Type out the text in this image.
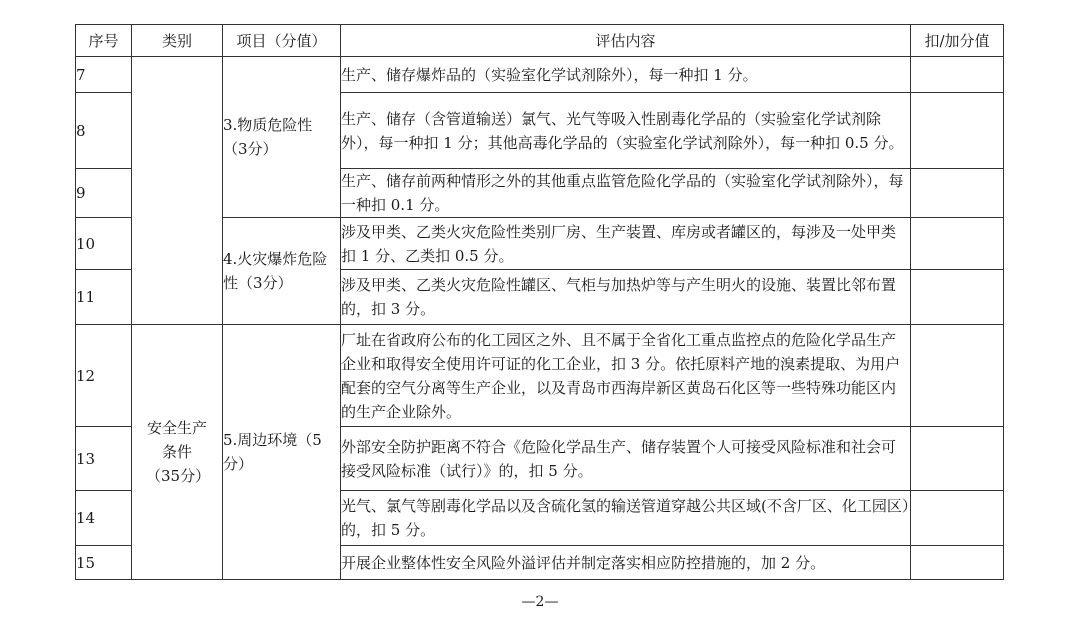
序号	类别	项目（分值）	评估内容	扣/加分值
7		3.物质危险性（3分）	生产、储存爆炸品的（实验室化学试剂除外），每一种扣 1 分。	
8			生产、储存（含管道输送）氯气、光气等吸入性剧毒化学品的（实验室化学试剂除外），每一种扣 1 分；其他高毒化学品的（实验室化学试剂除外），每一种扣 0.5 分。	
9			生产、储存前两种情形之外的其他重点监管危险化学品的（实验室化学试剂除外），每一种扣 0.1 分。	
10		4.火灾爆炸危险性（3分）	涉及甲类、乙类火灾危险性类别厂房、生产装置、库房或者罐区的，每涉及一处甲类扣 1 分、乙类扣 0.5 分。	
11			涉及甲类、乙类火灾危险性罐区、气柜与加热炉等与产生明火的设施、装置比邻布置的，扣 3 分。	
12	安全生产条件（35分）	5.周边环境（5分）	厂址在省政府公布的化工园区之外、且不属于全省化工重点监控点的危险化学品生产企业和取得安全使用许可证的化工企业，扣 3 分。依托原料产地的溴素提取、为用户配套的空气分离等生产企业，以及青岛市西海岸新区黄岛石化区等一些特殊功能区内的生产企业除外。	
13			外部安全防护距离不符合《危险化学品生产、储存装置个人可接受风险标准和社会可接受风险标准（试行）》的，扣 5 分。	
14			光气、氯气等剧毒化学品以及含硫化氢的输送管道穿越公共区域(不含厂区、化工园区）的，扣 5 分。	
15			开展企业整体性安全风险外溢评估并制定落实相应防控措施的，加 2 分。	
—2—
